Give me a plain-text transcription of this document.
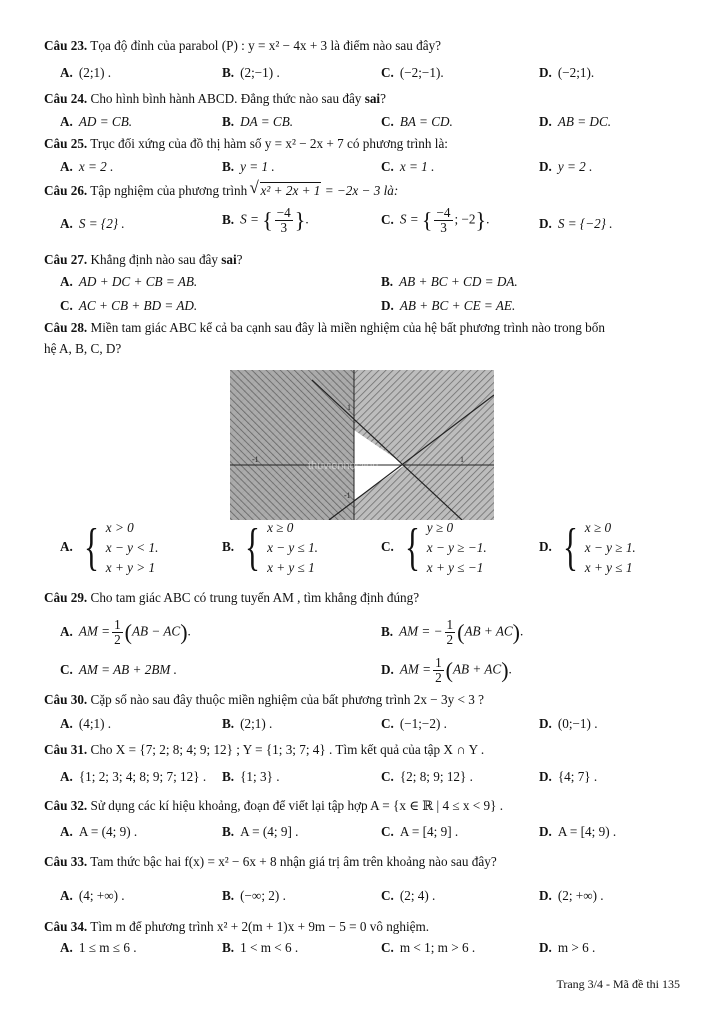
Câu 23. Tọa độ đỉnh của parabol (P) : y = x² − 4x + 3 là điểm nào sau đây?
A. (2;1) .	B. (2;−1) .	C. (−2;−1).	D. (−2;1).
Câu 24. Cho hình bình hành ABCD. Đẳng thức nào sau đây sai?
A. AD = CB.	B. DA = CB.	C. BA = CD.	D. AB = DC.
Câu 25. Trục đối xứng của đồ thị hàm số y = x² − 2x + 7 có phương trình là:
A. x = 2 .	B. y = 1 .	C. x = 1 .	D. y = 2 .
Câu 26. Tập nghiệm của phương trình √ x² + 2x + 1 = −2x − 3 là:
A. S = {2} .	B. S = { $\frac{-4}{3}$ }.	C. S = { $\frac{-4}{3}$ ; −2}.	D. S = {−2} .
Câu 27. Khẳng định nào sau đây sai?
A. AD + DC + CB = AB.	B. AB + BC + CD = DA.
C. AC + CB + BD = AD.	D. AB + BC + CE = AE.
Câu 28. Miền tam giác ABC kể cả ba cạnh sau đây là miền nghiệm của hệ bất phương trình nào trong bốn
hệ A, B, C, D?
-1	1
1
-1
thuvienhoclieu
A. { x > 0
x − y < 1.
x + y > 1
B. { x ≥ 0
x − y ≤ 1.
x + y ≤ 1
C. { y ≥ 0
x − y ≥ −1.
x + y ≤ −1
D. { x ≥ 0
x − y ≥ 1.
x + y ≤ 1
Câu 29. Cho tam giác ABC có trung tuyến AM , tìm khẳng định đúng?
A. AM = $\frac{1}{2} (AB - AC)$.	B. AM = − $\frac{1}{2} (AB + AC)$.
C. AM = AB + 2BM .	D. AM = $\frac{1}{2} (AB + AC)$.
Câu 30. Cặp số nào sau đây thuộc miền nghiệm của bất phương trình 2x − 3y < 3 ?
A. (4;1) .	B. (2;1) .	C. (−1;−2) .	D. (0;−1) .
Câu 31. Cho X = {7; 2; 8; 4; 9; 12} ; Y = {1; 3; 7; 4} . Tìm kết quả của tập X ∩ Y .
A. {1; 2; 3; 4; 8; 9; 7; 12} . B. {1; 3} .	C. {2; 8; 9; 12} .	D. {4; 7} .
Câu 32. Sử dụng các kí hiệu khoảng, đoạn để viết lại tập hợp A = {x ∈ ℝ | 4 ≤ x < 9} .
A. A = (4; 9) .	B. A = (4; 9] .	C. A = [4; 9] .	D. A = [4; 9) .
Câu 33. Tam thức bậc hai f(x) = x² − 6x + 8 nhận giá trị âm trên khoảng nào sau đây?
A. (4; +∞) .	B. (−∞; 2) .	C. (2; 4) .	D. (2; +∞) .
Câu 34. Tìm m để phương trình x² + 2(m + 1)x + 9m − 5 = 0 vô nghiệm.
A. 1 ≤ m ≤ 6 .	B. 1 < m < 6 .	C. m < 1; m > 6 .	D. m > 6 .
Trang 3/4 - Mã đề thi 135
